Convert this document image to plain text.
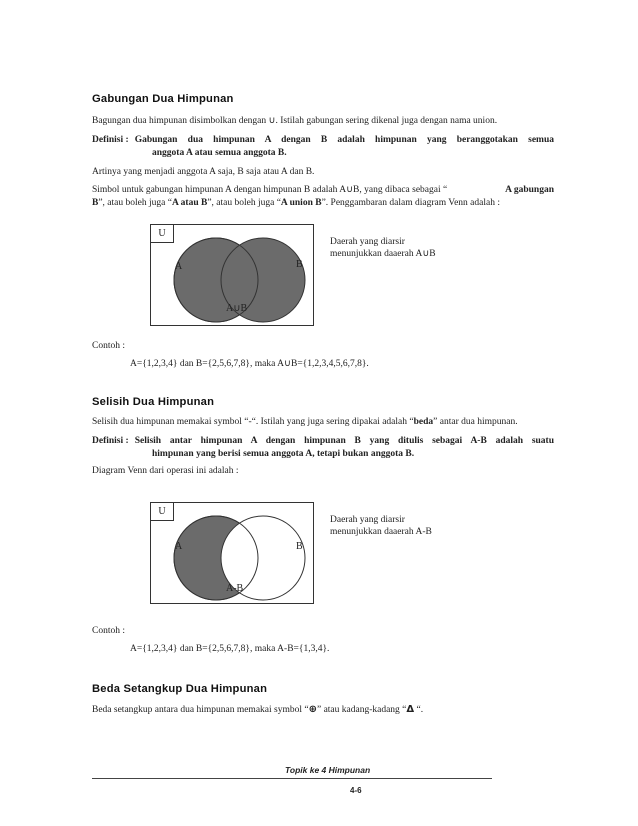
Gabungan Dua Himpunan
Bagungan dua himpunan disimbolkan dengan ∪. Istilah gabungan sering dikenal juga dengan nama union.
Definisi : Gabungan dua himpunan A dengan B adalah himpunan yang beranggotakan semua
anggota A atau semua anggota B.
Artinya yang menjadi anggota A saja, B saja atau A dan B.
Simbol untuk gabungan himpunan A dengan himpunan B adalah A∪B, yang dibaca sebagai “	A gabungan
B”, atau boleh juga “A atau B”, atau boleh juga “A union B”. Penggambaran dalam diagram Venn adalah :
U
A	B
A∪B
Daerah yang diarsir
menunjukkan daaerah A∪B
Contoh :
A={1,2,3,4} dan B={2,5,6,7,8}, maka A∪B={1,2,3,4,5,6,7,8}.
Selisih Dua Himpunan
Selisih dua himpunan memakai symbol “-“. Istilah yang juga sering dipakai adalah “beda” antar dua himpunan.
Definisi : Selisih antar himpunan A dengan himpunan B yang ditulis sebagai A-B adalah suatu
himpunan yang berisi semua anggota A, tetapi bukan anggota B.
Diagram Venn dari operasi ini adalah :
U
A	B
A-B
Daerah yang diarsir
menunjukkan daaerah A-B
Contoh :
A={1,2,3,4} dan B={2,5,6,7,8}, maka A-B={1,3,4}.
Beda Setangkup Dua Himpunan
Beda setangkup antara dua himpunan memakai symbol “⊕” atau kadang-kadang “Δ “.
Topik ke 4 Himpunan
4-6
